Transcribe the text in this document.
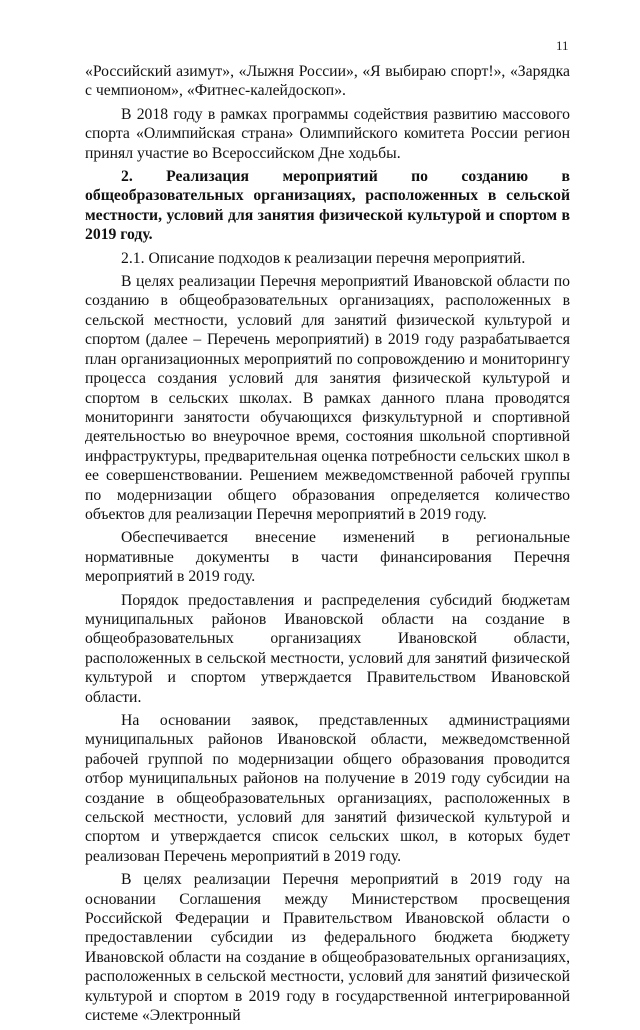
11

«Российский азимут», «Лыжня России», «Я выбираю спорт!», «Зарядка с чемпионом», «Фитнес-калейдоскоп».

В 2018 году в рамках программы содействия развитию массового спорта «Олимпийская страна» Олимпийского комитета России регион принял участие во Всероссийском Дне ходьбы.

2. Реализация мероприятий по созданию в общеобразовательных организациях, расположенных в сельской местности, условий для занятия физической культурой и спортом в 2019 году.

2.1. Описание подходов к реализации перечня мероприятий.

В целях реализации Перечня мероприятий Ивановской области по созданию в общеобразовательных организациях, расположенных в сельской местности, условий для занятий физической культурой и спортом (далее – Перечень мероприятий) в 2019 году разрабатывается план организационных мероприятий по сопровождению и мониторингу процесса создания условий для занятия физической культурой и спортом в сельских школах. В рамках данного плана проводятся мониторинги занятости обучающихся физкультурной и спортивной деятельностью во внеурочное время, состояния школьной спортивной инфраструктуры, предварительная оценка потребности сельских школ в ее совершенствовании. Решением межведомственной рабочей группы по модернизации общего образования определяется количество объектов для реализации Перечня мероприятий в 2019 году.

Обеспечивается внесение изменений в региональные нормативные документы в части финансирования Перечня мероприятий в 2019 году.

Порядок предоставления и распределения субсидий бюджетам муниципальных районов Ивановской области на создание в общеобразовательных организациях Ивановской области, расположенных в сельской местности, условий для занятий физической культурой и спортом утверждается Правительством Ивановской области.

На основании заявок, представленных администрациями муниципальных районов Ивановской области, межведомственной рабочей группой по модернизации общего образования проводится отбор муниципальных районов на получение в 2019 году субсидии на создание в общеобразовательных организациях, расположенных в сельской местности, условий для занятий физической культурой и спортом и утверждается список сельских школ, в которых будет реализован Перечень мероприятий в 2019 году.

В целях реализации Перечня мероприятий в 2019 году на основании Соглашения между Министерством просвещения Российской Федерации и Правительством Ивановской области о предоставлении субсидии из федерального бюджета бюджету Ивановской области на создание в общеобразовательных организациях, расположенных в сельской местности, условий для занятий физической культурой и спортом в 2019 году в государственной интегрированной системе «Электронный
